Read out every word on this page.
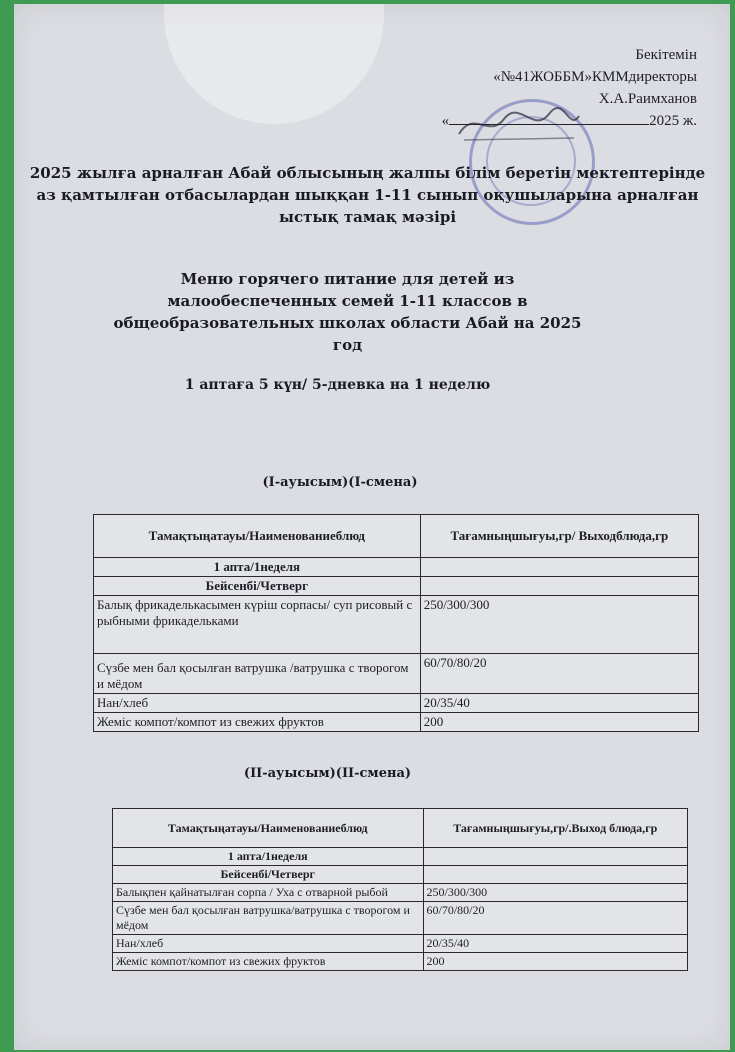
Бекітемін
«№41ЖОББМ»КММдиректоры
Х.А.Раимханов
«	2025 ж.
2025 жылға арналған Абай облысының жалпы білім беретін мектептерінде аз қамтылған отбасылардан шыққан 1-11 сынып оқушыларына арналған ыстық тамақ мәзірі
Меню горячего питание для детей из малообеспеченных семей 1-11 классов в общеобразовательных школах области Абай на 2025 год
1 аптаға 5 күн/ 5-дневка на 1 неделю
(І-ауысым)(І-смена)
Тамақтыңатауы/Наименованиеблюд	Тағамныңшығуы,гр/ Выходблюда,гр
1 апта/1неделя	
Бейсенбі/Четверг	
Балық фрикаделькасымен күріш сорпасы/ суп рисовый с рыбными фрикадельками	250/300/300
Сүзбе мен бал қосылған ватрушка /ватрушка с творогом и мёдом	60/70/80/20
Нан/хлеб	20/35/40
Жеміс компот/компот из свежих фруктов	200
(ІІ-ауысым)(ІІ-смена)
Тамақтыңатауы/Наименованиеблюд	Тағамныңшығуы,гр/.Выход блюда,гр
1 апта/1неделя	
Бейсенбі/Четверг	
Балықпен қайнатылған сорпа / Уха с отварной рыбой	250/300/300
Сүзбе мен бал қосылған ватрушка/ватрушка с творогом и мёдом	60/70/80/20
Нан/хлеб	20/35/40
Жеміс компот/компот из свежих фруктов	200
